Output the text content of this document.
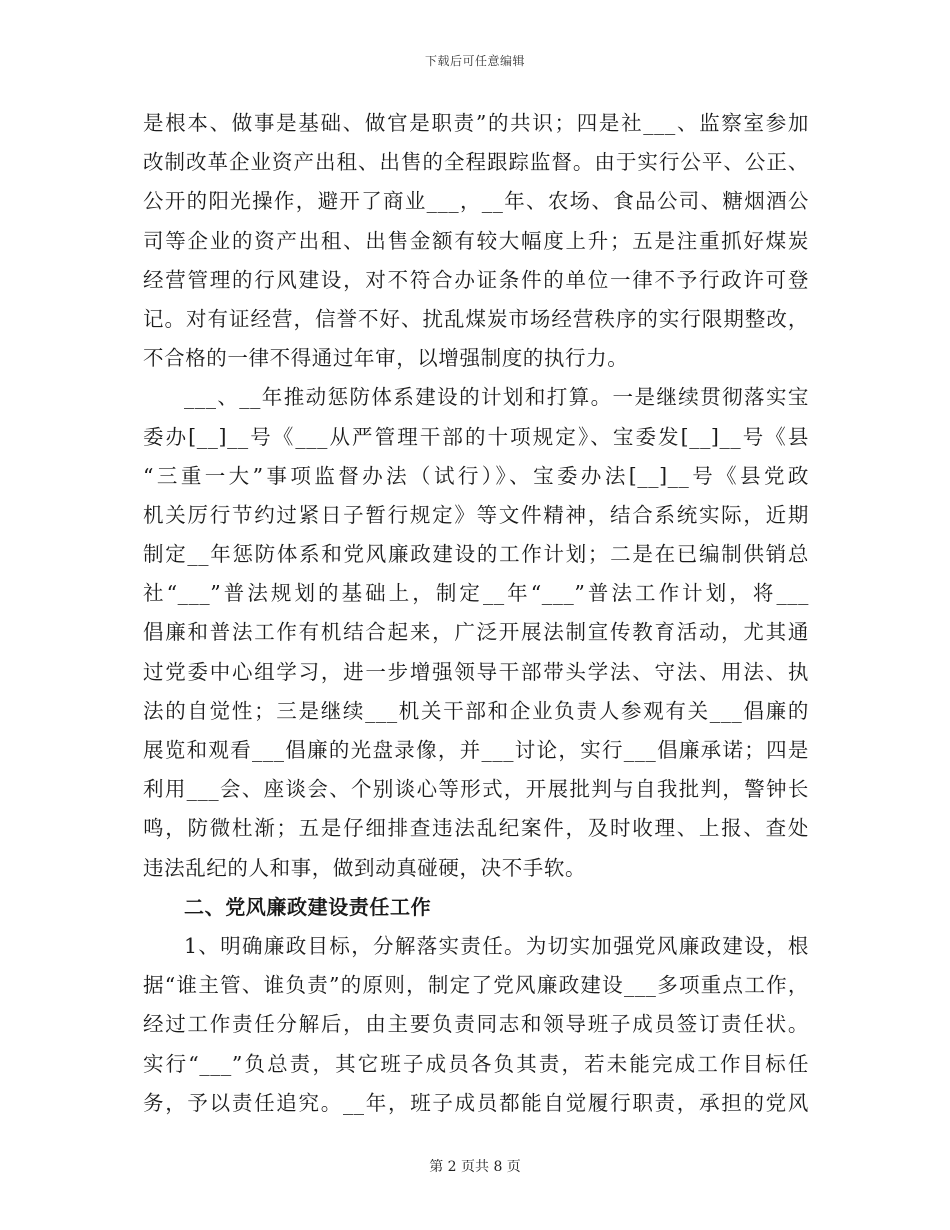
下载后可任意编辑
是根本、做事是基础、做官是职责”的共识；四是社___、监察室参加
改制改革企业资产出租、出售的全程跟踪监督。由于实行公平、公正、
公开的阳光操作，避开了商业___，__年、农场、食品公司、糖烟酒公
司等企业的资产出租、出售金额有较大幅度上升；五是注重抓好煤炭
经营管理的行风建设，对不符合办证条件的单位一律不予行政许可登
记。对有证经营，信誉不好、扰乱煤炭市场经营秩序的实行限期整改，
不合格的一律不得通过年审，以增强制度的执行力。
___、__年推动惩防体系建设的计划和打算。一是继续贯彻落实宝
委办[__]__号《___从严管理干部的十项规定》、宝委发[__]__号《县
“三重一大”事项监督办法（试行）》、宝委办法[__]__号《县党政
机关厉行节约过紧日子暂行规定》等文件精神，结合系统实际，近期
制定__年惩防体系和党风廉政建设的工作计划；二是在已编制供销总
社“___”普法规划的基础上，制定__年“___”普法工作计划，将___
倡廉和普法工作有机结合起来，广泛开展法制宣传教育活动，尤其通
过党委中心组学习，进一步增强领导干部带头学法、守法、用法、执
法的自觉性；三是继续___机关干部和企业负责人参观有关___倡廉的
展览和观看___倡廉的光盘录像，并___讨论，实行___倡廉承诺；四是
利用___会、座谈会、个别谈心等形式，开展批判与自我批判，警钟长
鸣，防微杜渐；五是仔细排查违法乱纪案件，及时收理、上报、查处
违法乱纪的人和事，做到动真碰硬，决不手软。
二、党风廉政建设责任工作
1、明确廉政目标，分解落实责任。为切实加强党风廉政建设，根
据“谁主管、谁负责”的原则，制定了党风廉政建设___多项重点工作，
经过工作责任分解后，由主要负责同志和领导班子成员签订责任状。
实行“___”负总责，其它班子成员各负其责，若未能完成工作目标任
务，予以责任追究。__年，班子成员都能自觉履行职责，承担的党风
第 2 页共 8 页
